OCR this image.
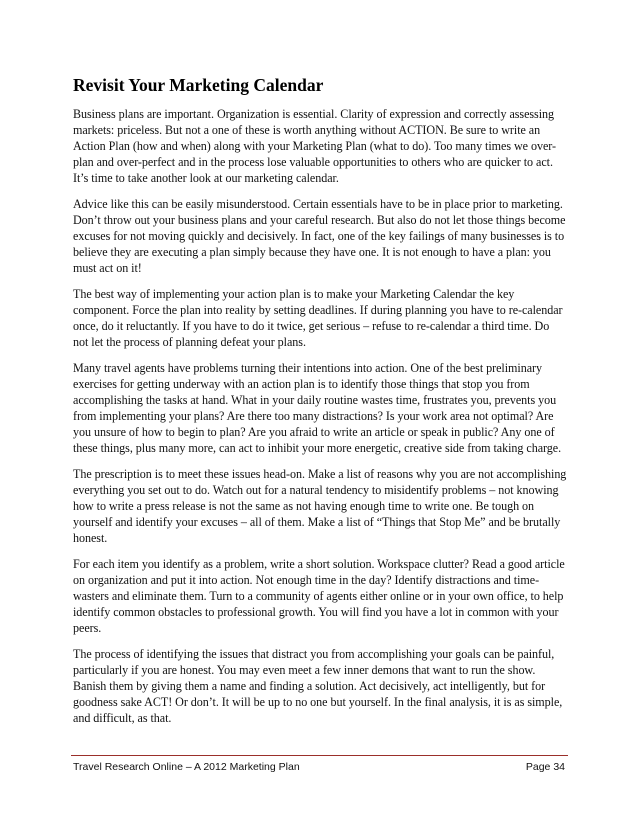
Revisit Your Marketing Calendar

Business plans are important. Organization is essential. Clarity of expression and correctly assessing markets: priceless. But not a one of these is worth anything without ACTION. Be sure to write an Action Plan (how and when) along with your Marketing Plan (what to do). Too many times we over-plan and over-perfect and in the process lose valuable opportunities to others who are quicker to act. It’s time to take another look at our marketing calendar.

Advice like this can be easily misunderstood. Certain essentials have to be in place prior to marketing. Don’t throw out your business plans and your careful research. But also do not let those things become excuses for not moving quickly and decisively. In fact, one of the key failings of many businesses is to believe they are executing a plan simply because they have one. It is not enough to have a plan: you must act on it!

The best way of implementing your action plan is to make your Marketing Calendar the key component. Force the plan into reality by setting deadlines. If during planning you have to re-calendar once, do it reluctantly. If you have to do it twice, get serious – refuse to re-calendar a third time. Do not let the process of planning defeat your plans.

Many travel agents have problems turning their intentions into action. One of the best preliminary exercises for getting underway with an action plan is to identify those things that stop you from accomplishing the tasks at hand. What in your daily routine wastes time, frustrates you, prevents you from implementing your plans? Are there too many distractions? Is your work area not optimal? Are you unsure of how to begin to plan? Are you afraid to write an article or speak in public? Any one of these things, plus many more, can act to inhibit your more energetic, creative side from taking charge.

The prescription is to meet these issues head-on. Make a list of reasons why you are not accomplishing everything you set out to do. Watch out for a natural tendency to misidentify problems – not knowing how to write a press release is not the same as not having enough time to write one. Be tough on yourself and identify your excuses – all of them. Make a list of “Things that Stop Me” and be brutally honest.

For each item you identify as a problem, write a short solution. Workspace clutter? Read a good article on organization and put it into action. Not enough time in the day? Identify distractions and time-wasters and eliminate them. Turn to a community of agents either online or in your own office, to help identify common obstacles to professional growth. You will find you have a lot in common with your peers.

The process of identifying the issues that distract you from accomplishing your goals can be painful, particularly if you are honest. You may even meet a few inner demons that want to run the show. Banish them by giving them a name and finding a solution. Act decisively, act intelligently, but for goodness sake ACT! Or don’t. It will be up to no one but yourself. In the final analysis, it is as simple, and difficult, as that.

Travel Research Online – A 2012 Marketing Plan	Page 34
